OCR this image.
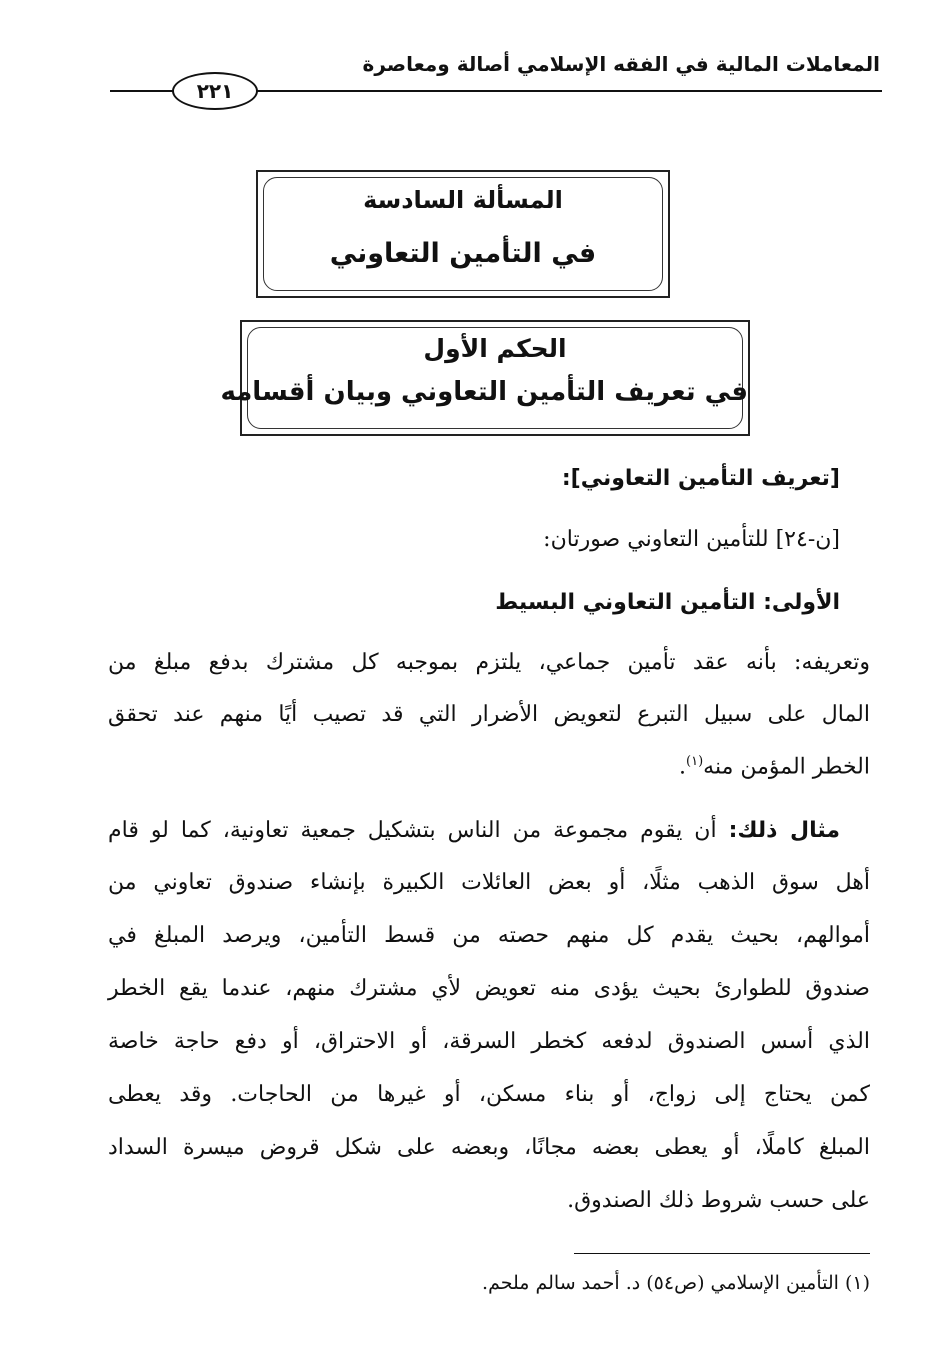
المعاملات المالية في الفقه الإسلامي أصالة ومعاصرة
٢٢١
المسألة السادسة
في التأمين التعاوني
الحكم الأول
في تعريف التأمين التعاوني وبيان أقسامه
[تعريف التأمين التعاوني]:
[ن-٢٤] للتأمين التعاوني صورتان:
الأولى: التأمين التعاوني البسيط
وتعريفه: بأنه عقد تأمين جماعي، يلتزم بموجبه كل مشترك بدفع مبلغ من
المال على سبيل التبرع لتعويض الأضرار التي قد تصيب أيًا منهم عند تحقق
الخطر المؤمن منه$^{(١)}$.
مثال ذلك: أن يقوم مجموعة من الناس بتشكيل جمعية تعاونية، كما لو قام
أهل سوق الذهب مثلًا، أو بعض العائلات الكبيرة بإنشاء صندوق تعاوني من
أموالهم، بحيث يقدم كل منهم حصته من قسط التأمين، ويرصد المبلغ في
صندوق للطوارئ بحيث يؤدى منه تعويض لأي مشترك منهم، عندما يقع الخطر
الذي أسس الصندوق لدفعه كخطر السرقة، أو الاحتراق، أو دفع حاجة خاصة
كمن يحتاج إلى زواج، أو بناء مسكن، أو غيرها من الحاجات. وقد يعطى
المبلغ كاملًا، أو يعطى بعضه مجانًا، وبعضه على شكل قروض ميسرة السداد
على حسب شروط ذلك الصندوق.
(١) التأمين الإسلامي (ص٥٤) د. أحمد سالم ملحم.
